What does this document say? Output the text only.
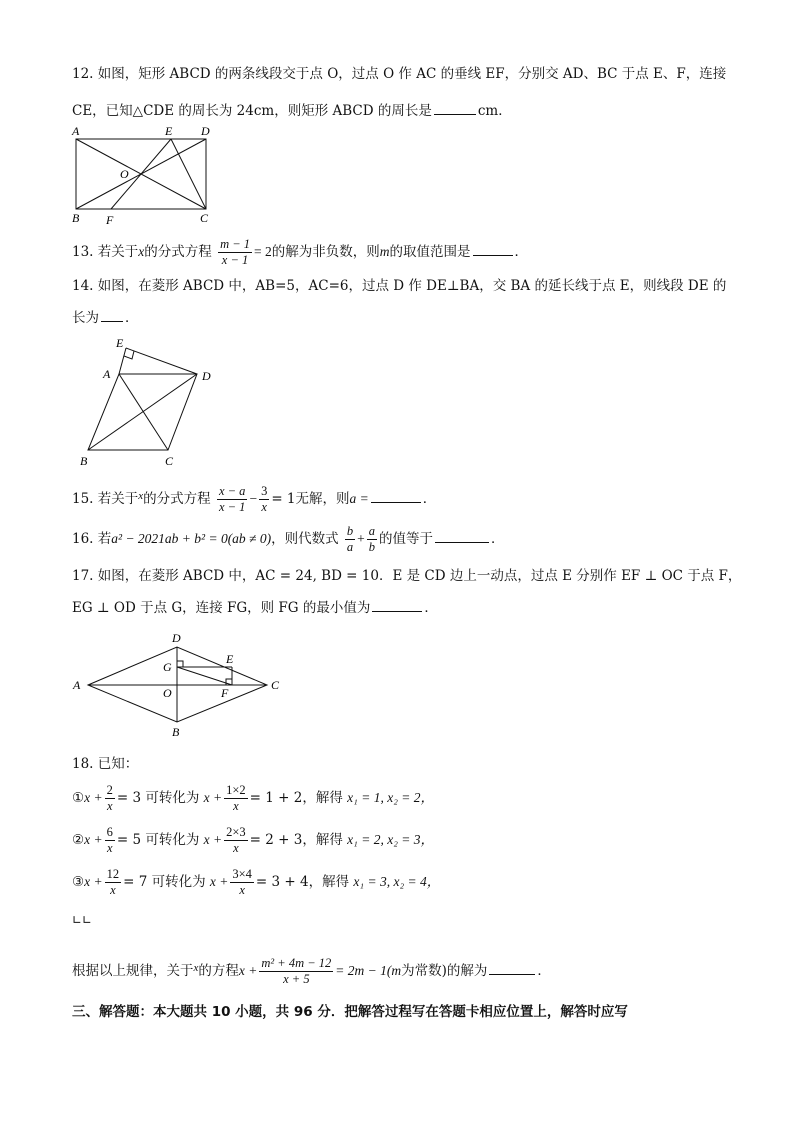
12. 如图，矩形 ABCD 的两条线段交于点 O，过点 O 作 AC 的垂线 EF，分别交 AD、BC 于点 E、F，连接
CE，已知△CDE 的周长为 24cm，则矩形 ABCD 的周长是	cm．
A	E D
O
B F	C
13. 若关于x的分式方程 $\frac{m - 1}{x - 1} = 2$的解为非负数，则m的取值范围是	．
14. 如图，在菱形 ABCD 中，AB=5，AC=6，过点 D 作 DE⊥BA，交 BA 的延长线于点 E，则线段 DE 的
长为 ．
E
A	D
B	C
15. 若关于$^x$的分式方程 $\frac{x - a}{x - 1} - \frac{3}{x} = 1$无解，则a =	．
16. 若a² − 2021ab + b² = 0(ab ≠ 0)，则代数式 $\frac{b}{a} + \frac{a}{b}$ 的值等于	．
17. 如图，在菱形 ABCD 中，AC = 24, BD = 10．E 是 CD 边上一动点，过点 E 分别作 EF ⊥ OC 于点 F，
EG ⊥ OD 于点 G，连接 FG，则 FG 的最小值为	．
D
E
G
A	C
O	F
B
18. 已知：
①x + $\frac{2}{x} = 3$ 可转化为 $x + \frac{1\times 2}{x} = 1 + 2$，解得 x₁ = 1, x₂ = 2，
②x + $\frac{6}{x} = 5$ 可转化为 $x + \frac{2\times 3}{x} = 2 + 3$，解得 x₁ = 2, x₂ = 3，
③x + $\frac{12}{x} = 7$ 可转化为 $x + \frac{3\times 4}{x} = 3 + 4$，解得 x₁ = 3, x₂ = 4，
∟∟
根据以上规律，关于$^x$的方程$x + \frac{\text{m² + 4m − 12}}{x + 5} = 2m - 1(m$为常数)的解为	．
三、解答题：本大题共 10 小题，共 96 分．把解答过程写在答题卡相应位置上，解答时应写
